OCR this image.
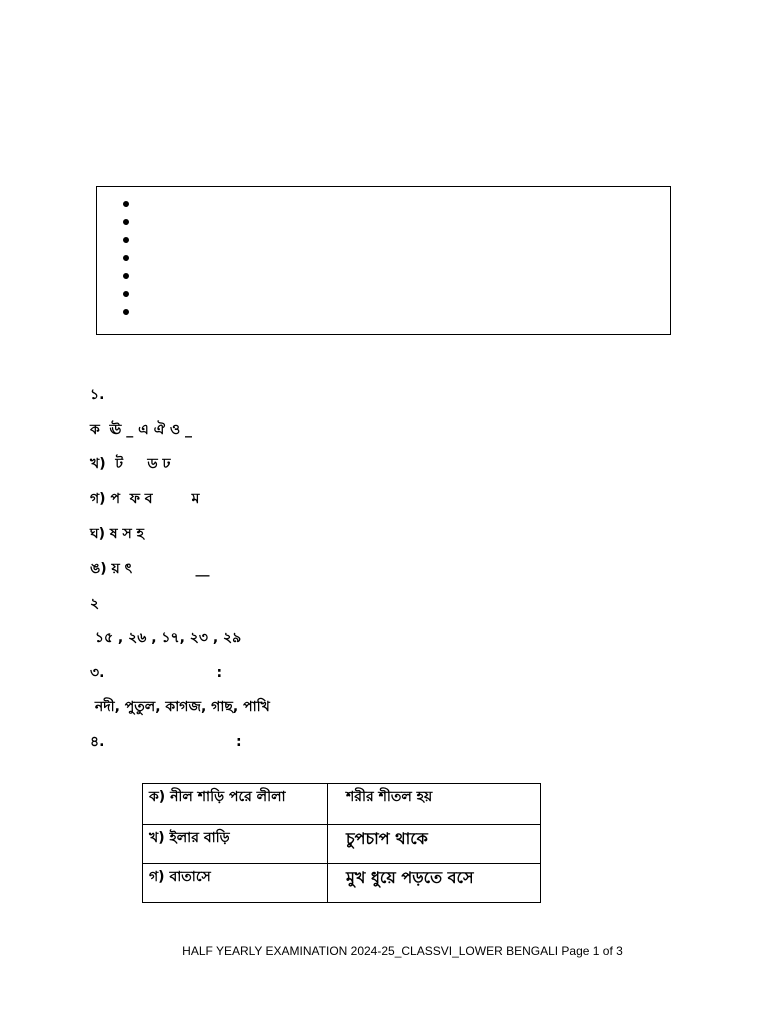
১.
ক  ঊ _ এ ঐ ও _
খ)  ট     ড ঢ
গ) প  ফ ব        ম
ঘ) ষ স হ
ঙ) য় ৎ             __
২
১৫ , ২৬ , ১৭, ২৩ , ২৯
৩.                       :
নদী, পুতুল, কাগজ, গাছ, পাখি
৪.                           :
ক) নীল শাড়ি পরে লীলা	শরীর শীতল হয়

খ) ইলার বাড়ি	চুপচাপ থাকে

গ) বাতাসে	মুখ ধুয়ে পড়তে বসে
HALF YEARLY EXAMINATION 2024-25_CLASSVI_LOWER BENGALI Page 1 of 3
